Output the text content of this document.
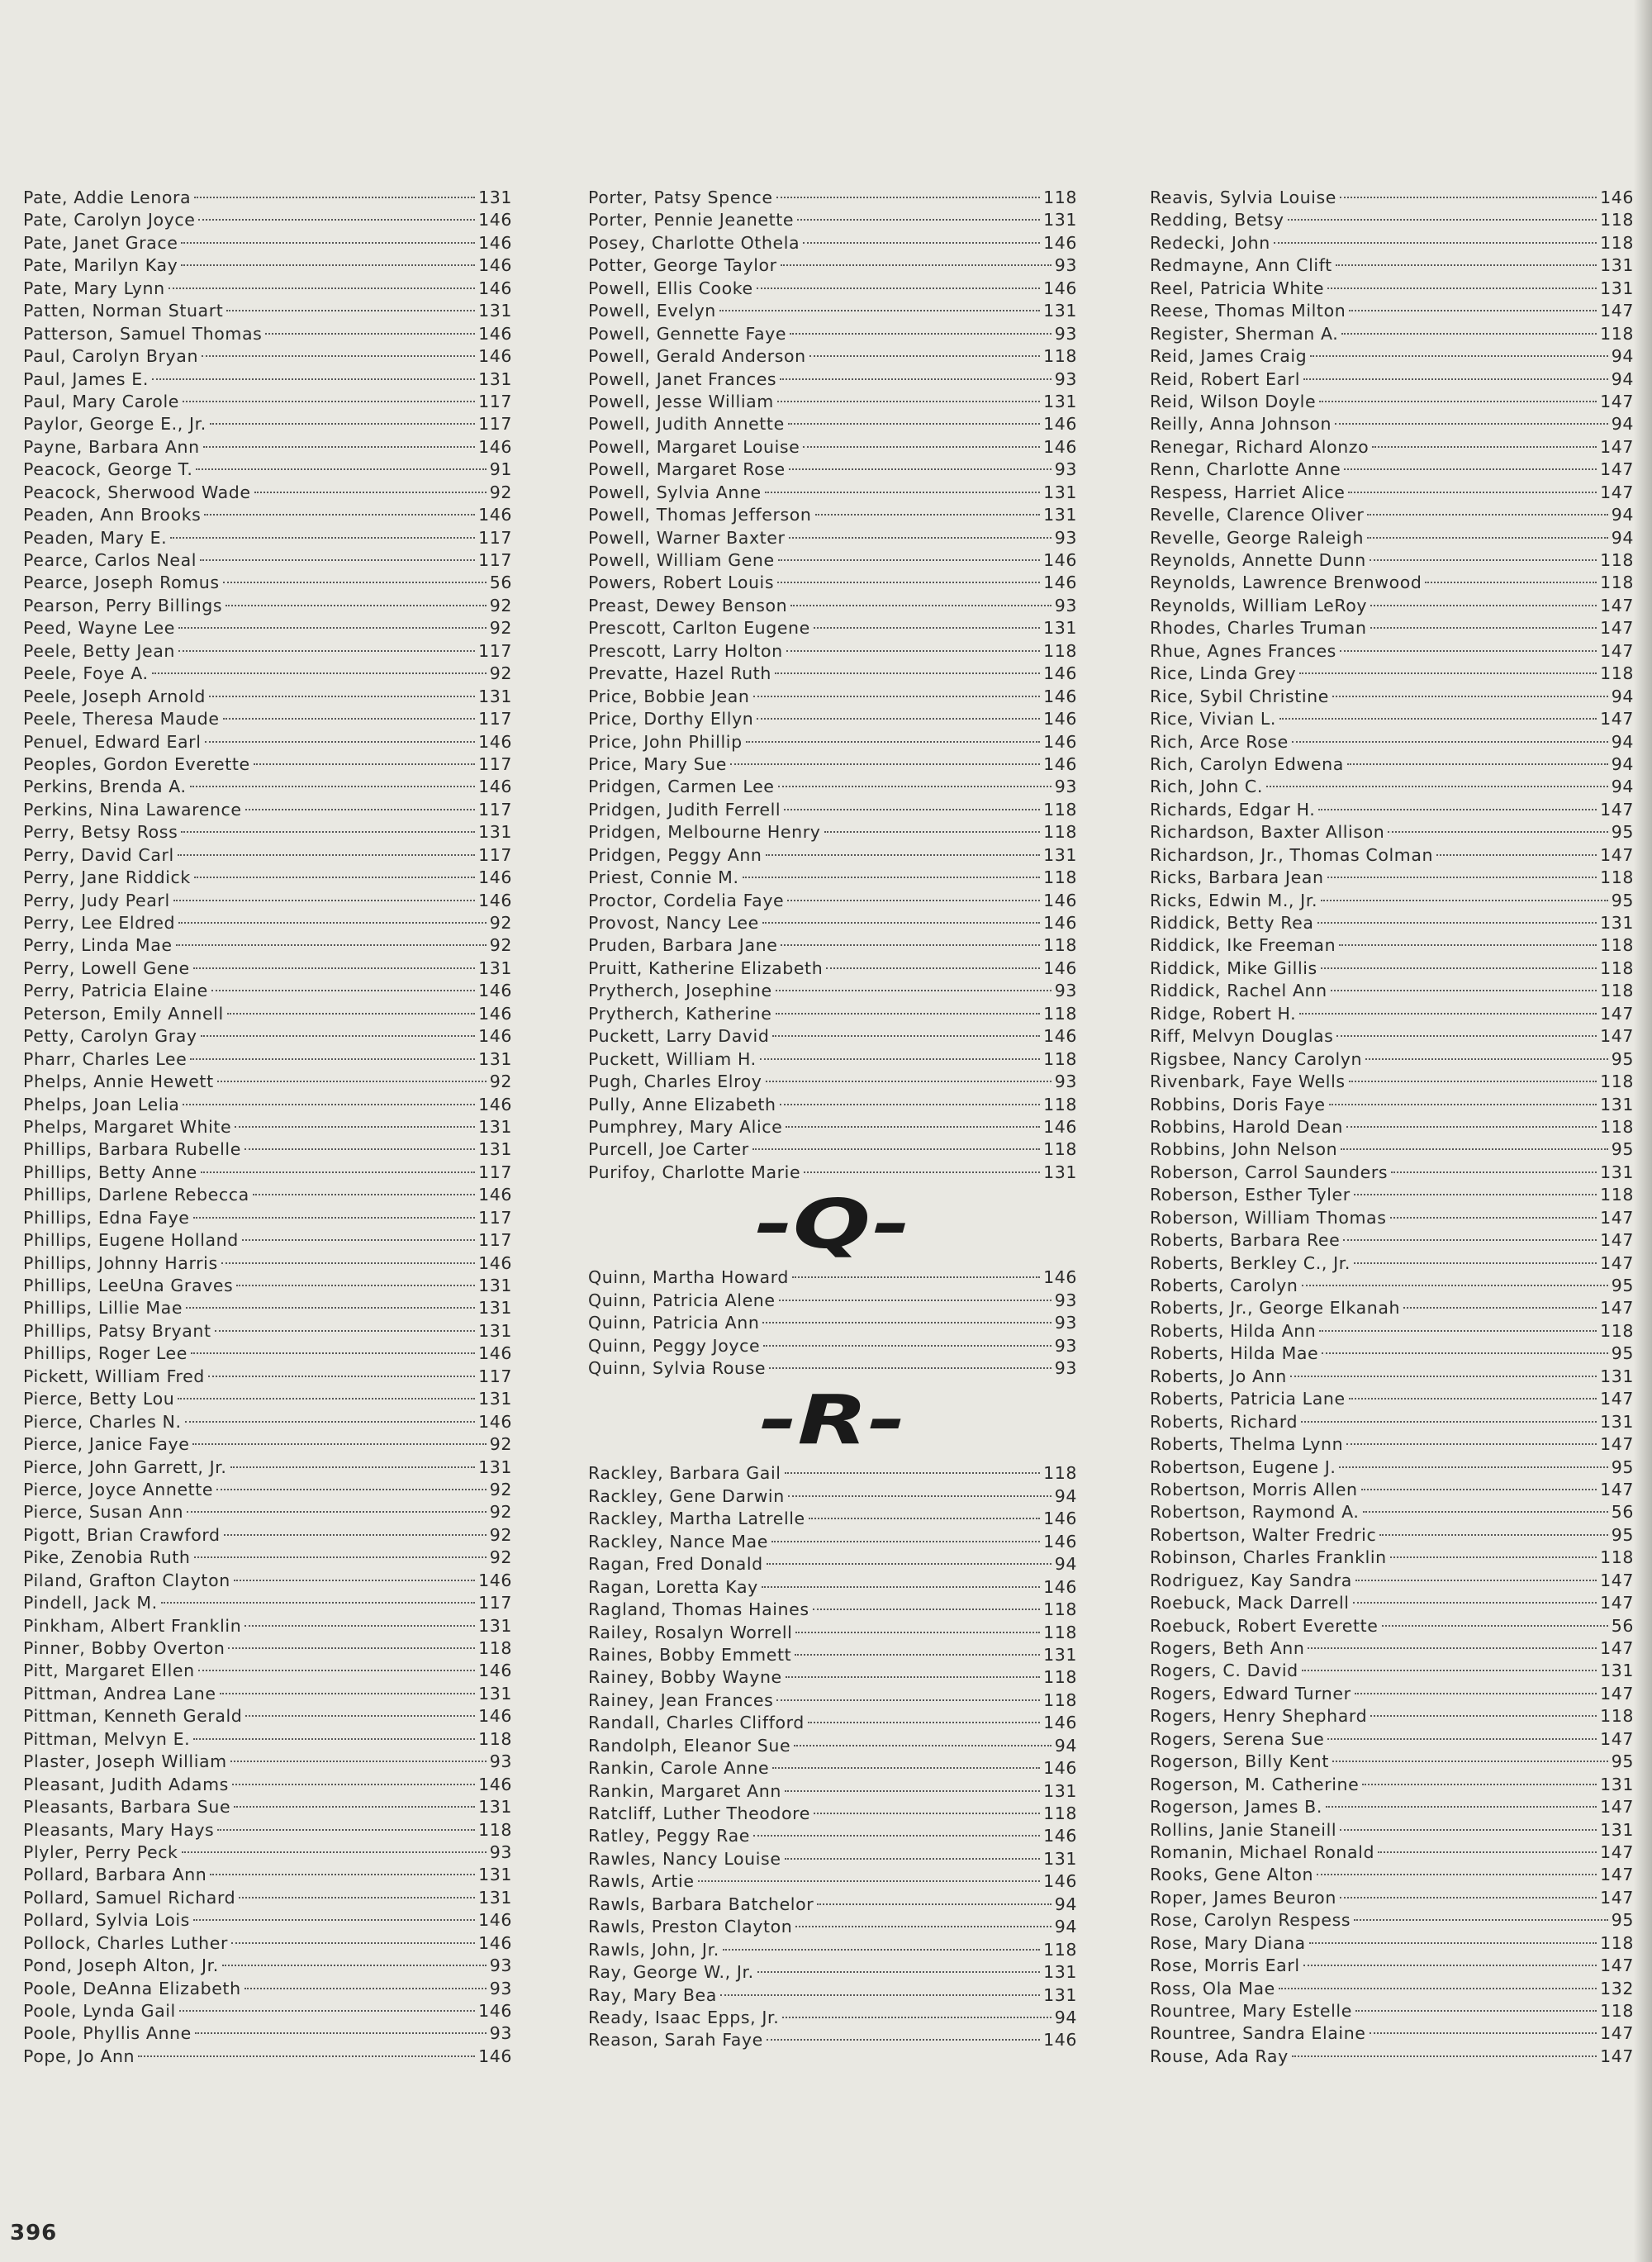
Pate, Addie Lenora	131
Pate, Carolyn Joyce	146
Pate, Janet Grace	146
Pate, Marilyn Kay	146
Pate, Mary Lynn	146
Patten, Norman Stuart	131
Patterson, Samuel Thomas	146
Paul, Carolyn Bryan	146
Paul, James E.	131
Paul, Mary Carole	117
Paylor, George E., Jr.	117
Payne, Barbara Ann	146
Peacock, George T.	91
Peacock, Sherwood Wade	92
Peaden, Ann Brooks	146
Peaden, Mary E.	117
Pearce, Carlos Neal	117
Pearce, Joseph Romus	56
Pearson, Perry Billings	92
Peed, Wayne Lee	92
Peele, Betty Jean	117
Peele, Foye A.	92
Peele, Joseph Arnold	131
Peele, Theresa Maude	117
Penuel, Edward Earl	146
Peoples, Gordon Everette	117
Perkins, Brenda A.	146
Perkins, Nina Lawarence	117
Perry, Betsy Ross	131
Perry, David Carl	117
Perry, Jane Riddick	146
Perry, Judy Pearl	146
Perry, Lee Eldred	92
Perry, Linda Mae	92
Perry, Lowell Gene	131
Perry, Patricia Elaine	146
Peterson, Emily Annell	146
Petty, Carolyn Gray	146
Pharr, Charles Lee	131
Phelps, Annie Hewett	92
Phelps, Joan Lelia	146
Phelps, Margaret White	131
Phillips, Barbara Rubelle	131
Phillips, Betty Anne	117
Phillips, Darlene Rebecca	146
Phillips, Edna Faye	117
Phillips, Eugene Holland	117
Phillips, Johnny Harris	146
Phillips, LeeUna Graves	131
Phillips, Lillie Mae	131
Phillips, Patsy Bryant	131
Phillips, Roger Lee	146
Pickett, William Fred	117
Pierce, Betty Lou	131
Pierce, Charles N.	146
Pierce, Janice Faye	92
Pierce, John Garrett, Jr.	131
Pierce, Joyce Annette	92
Pierce, Susan Ann	92
Pigott, Brian Crawford	92
Pike, Zenobia Ruth	92
Piland, Grafton Clayton	146
Pindell, Jack M.	117
Pinkham, Albert Franklin	131
Pinner, Bobby Overton	118
Pitt, Margaret Ellen	146
Pittman, Andrea Lane	131
Pittman, Kenneth Gerald	146
Pittman, Melvyn E.	118
Plaster, Joseph William	93
Pleasant, Judith Adams	146
Pleasants, Barbara Sue	131
Pleasants, Mary Hays	118
Plyler, Perry Peck	93
Pollard, Barbara Ann	131
Pollard, Samuel Richard	131
Pollard, Sylvia Lois	146
Pollock, Charles Luther	146
Pond, Joseph Alton, Jr.	93
Poole, DeAnna Elizabeth	93
Poole, Lynda Gail	146
Poole, Phyllis Anne	93
Pope, Jo Ann	146
Porter, Patsy Spence	118
Porter, Pennie Jeanette	131
Posey, Charlotte Othela	146
Potter, George Taylor	93
Powell, Ellis Cooke	146
Powell, Evelyn	131
Powell, Gennette Faye	93
Powell, Gerald Anderson	118
Powell, Janet Frances	93
Powell, Jesse William	131
Powell, Judith Annette	146
Powell, Margaret Louise	146
Powell, Margaret Rose	93
Powell, Sylvia Anne	131
Powell, Thomas Jefferson	131
Powell, Warner Baxter	93
Powell, William Gene	146
Powers, Robert Louis	146
Preast, Dewey Benson	93
Prescott, Carlton Eugene	131
Prescott, Larry Holton	118
Prevatte, Hazel Ruth	146
Price, Bobbie Jean	146
Price, Dorthy Ellyn	146
Price, John Phillip	146
Price, Mary Sue	146
Pridgen, Carmen Lee	93
Pridgen, Judith Ferrell	118
Pridgen, Melbourne Henry	118
Pridgen, Peggy Ann	131
Priest, Connie M.	118
Proctor, Cordelia Faye	146
Provost, Nancy Lee	146
Pruden, Barbara Jane	118
Pruitt, Katherine Elizabeth	146
Prytherch, Josephine	93
Prytherch, Katherine	118
Puckett, Larry David	146
Puckett, William H.	118
Pugh, Charles Elroy	93
Pully, Anne Elizabeth	118
Pumphrey, Mary Alice	146
Purcell, Joe Carter	118
Purifoy, Charlotte Marie	131
-Q-
Quinn, Martha Howard	146
Quinn, Patricia Alene	93
Quinn, Patricia Ann	93
Quinn, Peggy Joyce	93
Quinn, Sylvia Rouse	93
-R-
Rackley, Barbara Gail	118
Rackley, Gene Darwin	94
Rackley, Martha Latrelle	146
Rackley, Nance Mae	146
Ragan, Fred Donald	94
Ragan, Loretta Kay	146
Ragland, Thomas Haines	118
Railey, Rosalyn Worrell	118
Raines, Bobby Emmett	131
Rainey, Bobby Wayne	118
Rainey, Jean Frances	118
Randall, Charles Clifford	146
Randolph, Eleanor Sue	94
Rankin, Carole Anne	146
Rankin, Margaret Ann	131
Ratcliff, Luther Theodore	118
Ratley, Peggy Rae	146
Rawles, Nancy Louise	131
Rawls, Artie	146
Rawls, Barbara Batchelor	94
Rawls, Preston Clayton	94
Rawls, John, Jr.	118
Ray, George W., Jr.	131
Ray, Mary Bea	131
Ready, Isaac Epps, Jr.	94
Reason, Sarah Faye	146
Reavis, Sylvia Louise	146
Redding, Betsy	118
Redecki, John	118
Redmayne, Ann Clift	131
Reel, Patricia White	131
Reese, Thomas Milton	147
Register, Sherman A.	118
Reid, James Craig	94
Reid, Robert Earl	94
Reid, Wilson Doyle	147
Reilly, Anna Johnson	94
Renegar, Richard Alonzo	147
Renn, Charlotte Anne	147
Respess, Harriet Alice	147
Revelle, Clarence Oliver	94
Revelle, George Raleigh	94
Reynolds, Annette Dunn	118
Reynolds, Lawrence Brenwood	118
Reynolds, William LeRoy	147
Rhodes, Charles Truman	147
Rhue, Agnes Frances	147
Rice, Linda Grey	118
Rice, Sybil Christine	94
Rice, Vivian L.	147
Rich, Arce Rose	94
Rich, Carolyn Edwena	94
Rich, John C.	94
Richards, Edgar H.	147
Richardson, Baxter Allison	95
Richardson, Jr., Thomas Colman	147
Ricks, Barbara Jean	118
Ricks, Edwin M., Jr.	95
Riddick, Betty Rea	131
Riddick, Ike Freeman	118
Riddick, Mike Gillis	118
Riddick, Rachel Ann	118
Ridge, Robert H.	147
Riff, Melvyn Douglas	147
Rigsbee, Nancy Carolyn	95
Rivenbark, Faye Wells	118
Robbins, Doris Faye	131
Robbins, Harold Dean	118
Robbins, John Nelson	95
Roberson, Carrol Saunders	131
Roberson, Esther Tyler	118
Roberson, William Thomas	147
Roberts, Barbara Ree	147
Roberts, Berkley C., Jr.	147
Roberts, Carolyn	95
Roberts, Jr., George Elkanah	147
Roberts, Hilda Ann	118
Roberts, Hilda Mae	95
Roberts, Jo Ann	131
Roberts, Patricia Lane	147
Roberts, Richard	131
Roberts, Thelma Lynn	147
Robertson, Eugene J.	95
Robertson, Morris Allen	147
Robertson, Raymond A.	56
Robertson, Walter Fredric	95
Robinson, Charles Franklin	118
Rodriguez, Kay Sandra	147
Roebuck, Mack Darrell	147
Roebuck, Robert Everette	56
Rogers, Beth Ann	147
Rogers, C. David	131
Rogers, Edward Turner	147
Rogers, Henry Shephard	118
Rogers, Serena Sue	147
Rogerson, Billy Kent	95
Rogerson, M. Catherine	131
Rogerson, James B.	147
Rollins, Janie Staneill	131
Romanin, Michael Ronald	147
Rooks, Gene Alton	147
Roper, James Beuron	147
Rose, Carolyn Respess	95
Rose, Mary Diana	118
Rose, Morris Earl	147
Ross, Ola Mae	132
Rountree, Mary Estelle	118
Rountree, Sandra Elaine	147
Rouse, Ada Ray	147
396
